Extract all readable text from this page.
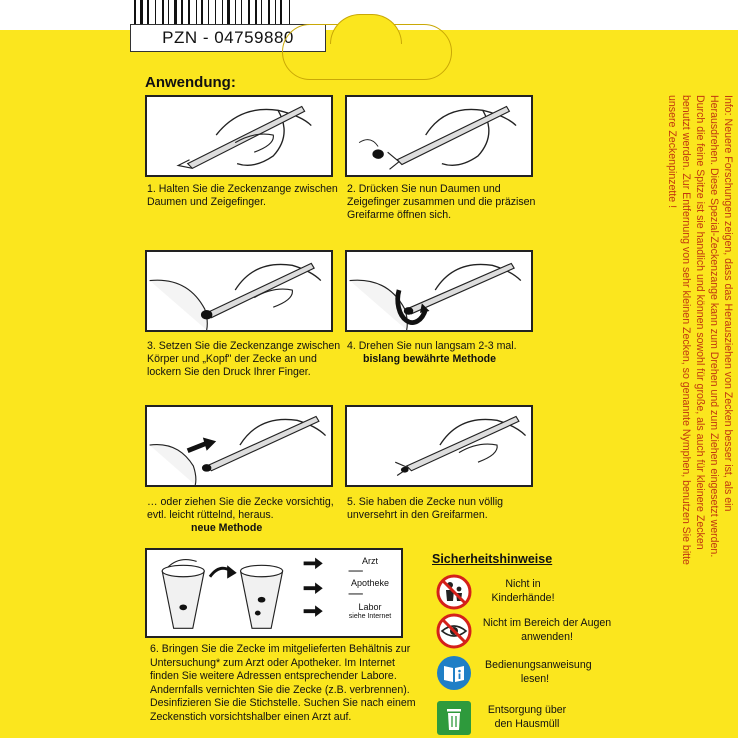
PZN - 04759880
Anwendung:
1. Halten Sie die Zeckenzange zwischen Daumen und Zeigefinger.
2. Drücken Sie nun Daumen und Zeigefinger zusammen und die präzisen Greifarme öffnen sich.
3. Setzen Sie die Zeckenzange zwischen Körper und „Kopf" der Zecke an und lockern Sie den Druck Ihrer Finger.
4. Drehen Sie nun langsam 2-3 mal.
bislang bewährte Methode
… oder ziehen Sie die Zecke vorsichtig, evtl. leicht rüttelnd, heraus.
neue Methode
5. Sie haben die Zecke nun völlig unversehrt in den Greifarmen.

Info: Neuere Forschungen zeigen, dass das Herausziehen von Zecken besser ist, als ein Herausdrehen. Diese Spezial-Zeckenzange kann zum Drehen und zum Ziehen eingesetzt werden. Durch die feine Spitze ist sie handlich und können sowohl für große, als auch für kleinere Zecken benutzt werden. Zur Entfernung von sehr kleinen Zecken, so genannte Nymphen, benutzen Sie bitte unsere Zeckenpinzette !

Arzt
Apotheke
Labor
siehe Internet
6. Bringen Sie die Zecke im mitgelieferten Behältnis zur Untersuchung* zum Arzt oder Apotheker. Im Internet finden Sie weitere Adressen entsprechender Labore. Andernfalls vernichten Sie die Zecke (z.B. verbrennen). Desinfizieren Sie die Stichstelle. Suchen Sie nach einem Zeckenstich vorsichtshalber einen Arzt auf.
Sicherheitshinweise
Nicht in Kinderhände!
Nicht im Bereich der Augen anwenden!
Bedienungsanweisung lesen!
Entsorgung über den Hausmüll
